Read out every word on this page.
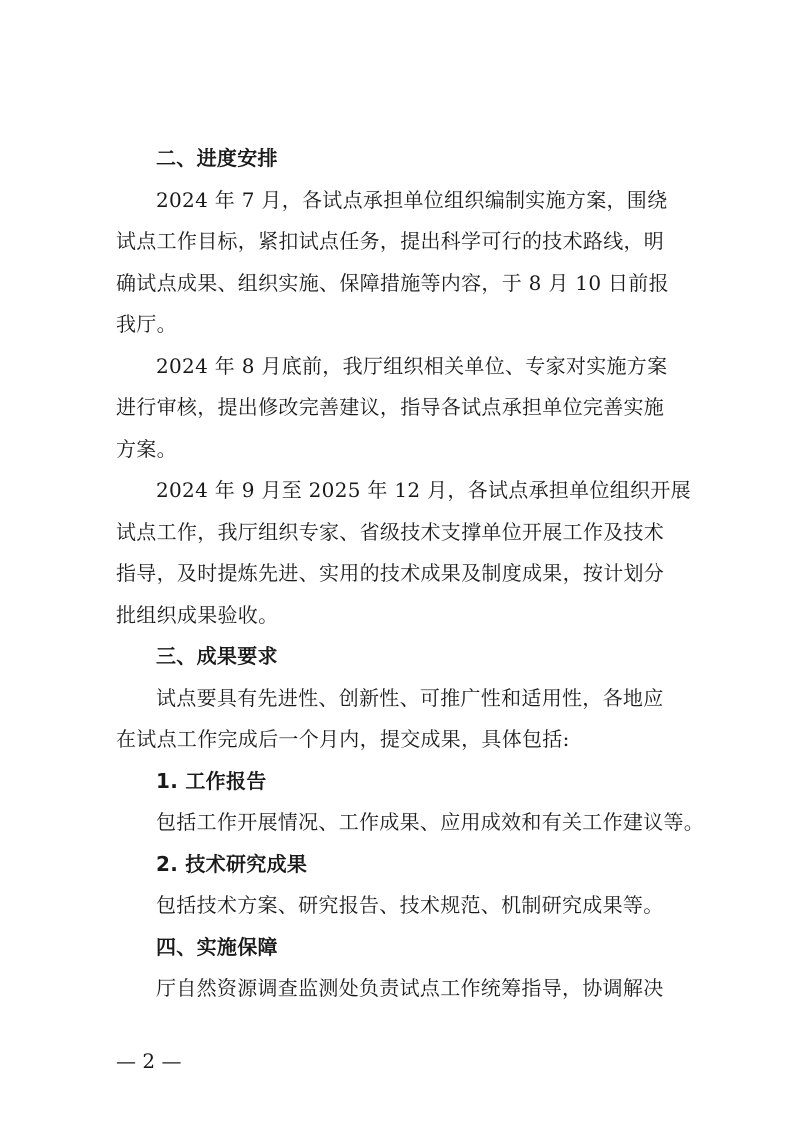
二、进度安排
2024 年 7 月，各试点承担单位组织编制实施方案，围绕
试点工作目标，紧扣试点任务，提出科学可行的技术路线，明
确试点成果、组织实施、保障措施等内容，于 8 月 10 日前报
我厅。
2024 年 8 月底前，我厅组织相关单位、专家对实施方案
进行审核，提出修改完善建议，指导各试点承担单位完善实施
方案。
2024 年 9 月至 2025 年 12 月，各试点承担单位组织开展
试点工作，我厅组织专家、省级技术支撑单位开展工作及技术
指导，及时提炼先进、实用的技术成果及制度成果，按计划分
批组织成果验收。
三、成果要求
试点要具有先进性、创新性、可推广性和适用性，各地应
在试点工作完成后一个月内，提交成果，具体包括:
1. 工作报告
包括工作开展情况、工作成果、应用成效和有关工作建议等。
2. 技术研究成果
包括技术方案、研究报告、技术规范、机制研究成果等。
四、实施保障
厅自然资源调查监测处负责试点工作统筹指导，协调解决
— 2 —
